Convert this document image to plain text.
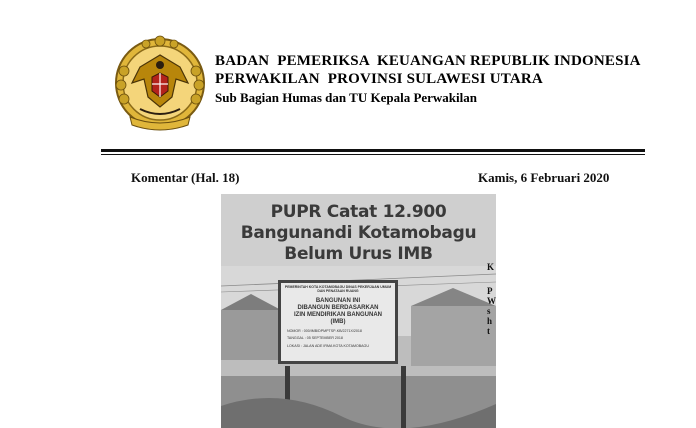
BADAN  PEMERIKSA  KEUANGAN REPUBLIK INDONESIA
PERWAKILAN  PROVINSI SULAWESI UTARA
Sub Bagian Humas dan TU Kepala Perwakilan
Komentar (Hal. 18)	Kamis, 6 Februari 2020
PUPR Catat 12.900
Bangunandi Kotamobagu
Belum Urus IMB
PEMERINTAH KOTA KOTAMOBAGU DINAS PEKERJAAN UMUM DAN PENATAAN RUANG
BANGUNAN INI
DIBANGUN BERDASARKAN
IZIN MENDIRIKAN BANGUNAN
(IMB)
NOMOR : 000/IMB/DPMPTSP-KB/2271X/2018
TANGGAL : 05 SEPTEMBER 2018
LOKASI : JALAN ADE IRMA KOTA KOTAMOBAGU
K
P
W
s
h
t
